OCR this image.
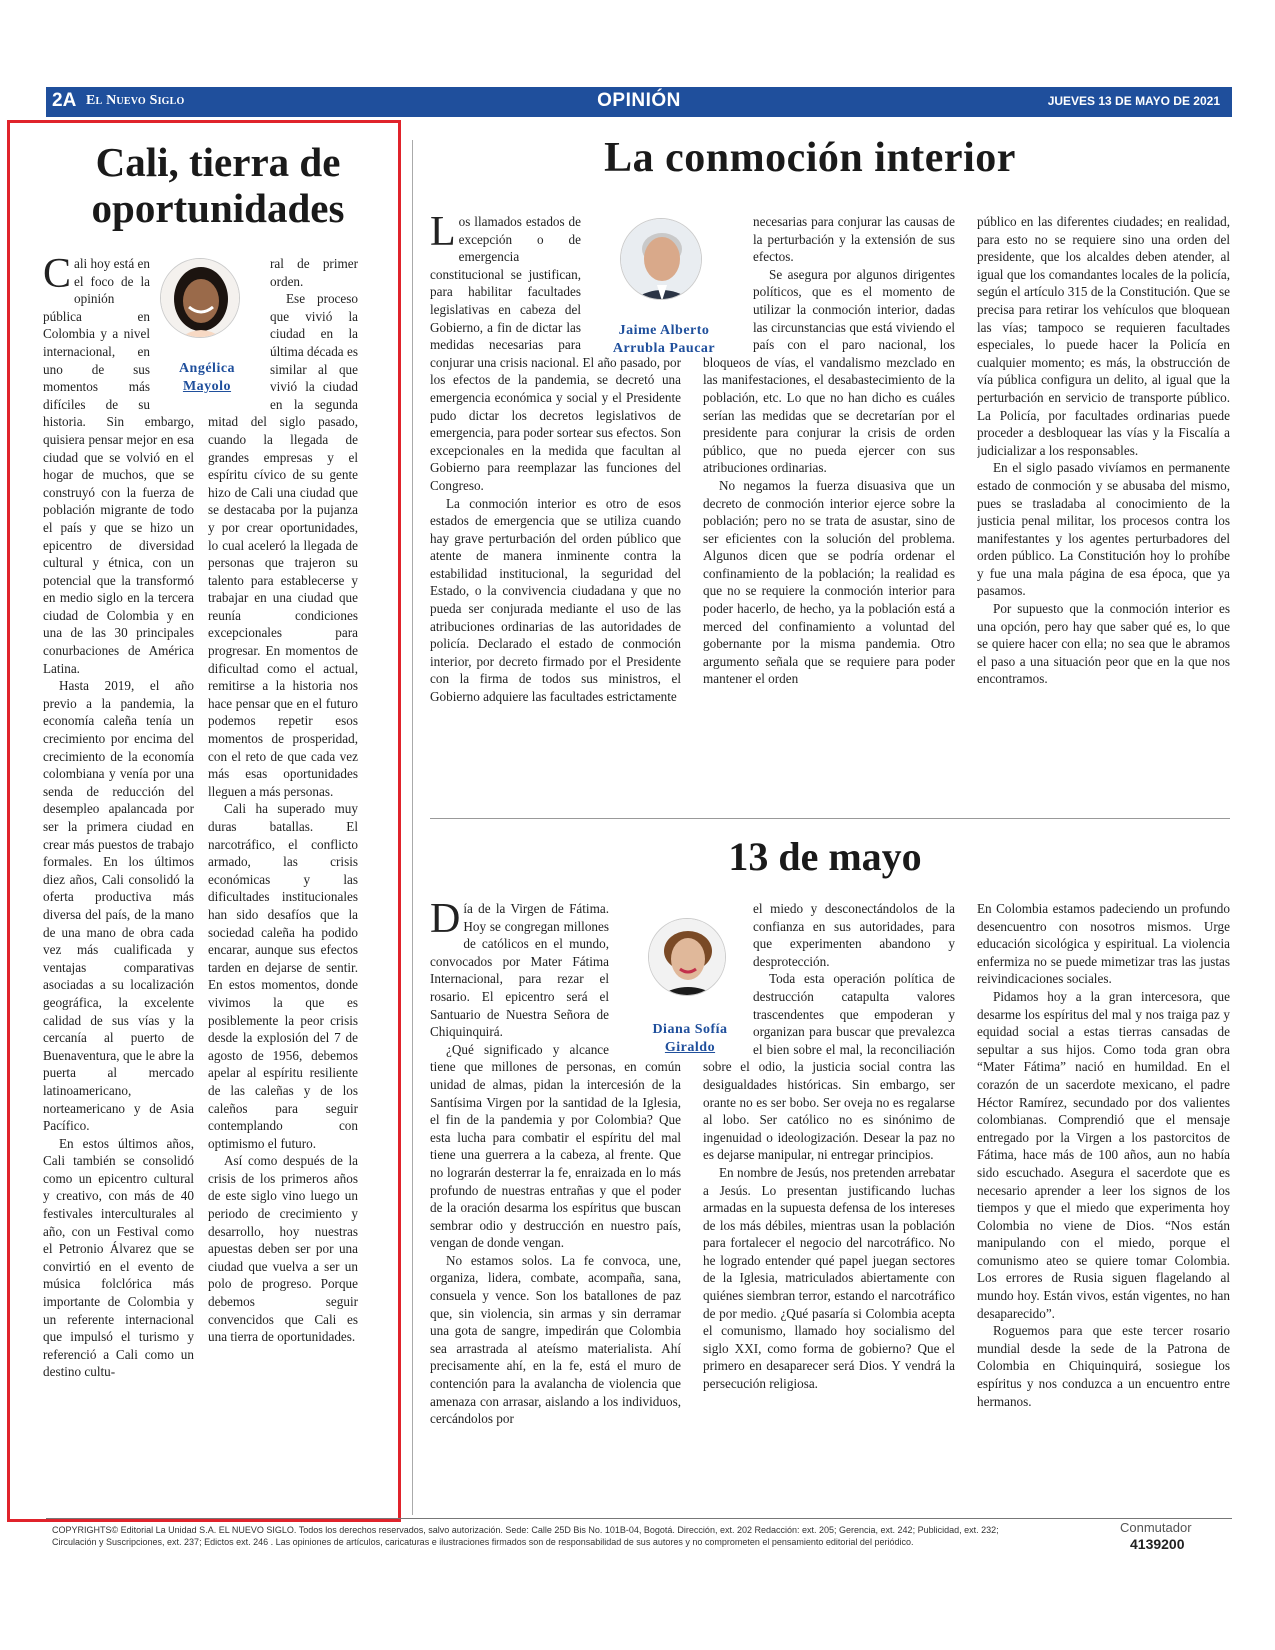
2A El Nuevo Siglo	OPINIÓN	JUEVES 13 DE MAYO DE 2021
Cali, tierra de oportunidades
Angélica
Mayolo

Cali hoy está en el foco de la opinión pública en Colombia y a nivel internacional, en uno de sus momentos más difíciles de su historia. Sin embargo, quisiera pensar mejor en esa ciudad que se volvió en el hogar de muchos, que se construyó con la fuerza de población migrante de todo el país y que se hizo un epicentro de diversidad cultural y étnica, con un potencial que la transformó en medio siglo en la tercera ciudad de Colombia y en una de las 30 principales conurbaciones de América Latina.

Hasta 2019, el año previo a la pandemia, la economía caleña tenía un crecimiento por encima del crecimiento de la economía colombiana y venía por una senda de reducción del desempleo apalancada por ser la primera ciudad en crear más puestos de trabajo formales. En los últimos diez años, Cali consolidó la oferta productiva más diversa del país, de la mano de una mano de obra cada vez más cualificada y ventajas comparativas asociadas a su localización geográfica, la excelente calidad de sus vías y la cercanía al puerto de Buenaventura, que le abre la puerta al mercado latinoamericano, norteamericano y de Asia Pacífico.

En estos últimos años, Cali también se consolidó como un epicentro cultural y creativo, con más de 40 festivales interculturales al año, con un Festival como el Petronio Álvarez que se convirtió en el evento de música folclórica más importante de Colombia y un referente internacional que impulsó el turismo y referenció a Cali como un destino cultu-

ral de primer orden.

Ese proceso que vivió la ciudad en la última década es similar al que vivió la ciudad en la segunda mitad del siglo pasado, cuando la llegada de grandes empresas y el espíritu cívico de su gente hizo de Cali una ciudad que se destacaba por la pujanza y por crear oportunidades, lo cual aceleró la llegada de personas que trajeron su talento para establecerse y trabajar en una ciudad que reunía condiciones excepcionales para progresar. En momentos de dificultad como el actual, remitirse a la historia nos hace pensar que en el futuro podemos repetir esos momentos de prosperidad, con el reto de que cada vez más esas oportunidades lleguen a más personas.

Cali ha superado muy duras batallas. El narcotráfico, el conflicto armado, las crisis económicas y las dificultades institucionales han sido desafíos que la sociedad caleña ha podido encarar, aunque sus efectos tarden en dejarse de sentir. En estos momentos, donde vivimos la que es posiblemente la peor crisis desde la explosión del 7 de agosto de 1956, debemos apelar al espíritu resiliente de las caleñas y de los caleños para seguir contemplando con optimismo el futuro.

Así como después de la crisis de los primeros años de este siglo vino luego un periodo de crecimiento y desarrollo, hoy nuestras apuestas deben ser por una ciudad que vuelva a ser un polo de progreso. Porque debemos seguir convencidos que Cali es una tierra de oportunidades.

La conmoción interior
Jaime Alberto
Arrubla Paucar

Los llamados estados de excepción o de emergencia constitucional se justifican, para habilitar facultades legislativas en cabeza del Gobierno, a fin de dictar las medidas necesarias para conjurar una crisis nacional. El año pasado, por los efectos de la pandemia, se decretó una emergencia económica y social y el Presidente pudo dictar los decretos legislativos de emergencia, para poder sortear sus efectos. Son excepcionales en la medida que facultan al Gobierno para reemplazar las funciones del Congreso.

La conmoción interior es otro de esos estados de emergencia que se utiliza cuando hay grave perturbación del orden público que atente de manera inminente contra la estabilidad institucional, la seguridad del Estado, o la convivencia ciudadana y que no pueda ser conjurada mediante el uso de las atribuciones ordinarias de las autoridades de policía. Declarado el estado de conmoción interior, por decreto firmado por el Presidente con la firma de todos sus ministros, el Gobierno adquiere las facultades estrictamente

necesarias para conjurar las causas de la perturbación y la extensión de sus efectos.

Se asegura por algunos dirigentes políticos, que es el momento de utilizar la conmoción interior, dadas las circunstancias que está viviendo el país con el paro nacional, los bloqueos de vías, el vandalismo mezclado en las manifestaciones, el desabastecimiento de la población, etc. Lo que no han dicho es cuáles serían las medidas que se decretarían por el presidente para conjurar la crisis de orden público, que no pueda ejercer con sus atribuciones ordinarias.

No negamos la fuerza disuasiva que un decreto de conmoción interior ejerce sobre la población; pero no se trata de asustar, sino de ser eficientes con la solución del problema. Algunos dicen que se podría ordenar el confinamiento de la población; la realidad es que no se requiere la conmoción interior para poder hacerlo, de hecho, ya la población está a merced del confinamiento a voluntad del gobernante por la misma pandemia. Otro argumento señala que se requiere para poder mantener el orden

público en las diferentes ciudades; en realidad, para esto no se requiere sino una orden del presidente, que los alcaldes deben atender, al igual que los comandantes locales de la policía, según el artículo 315 de la Constitución. Que se precisa para retirar los vehículos que bloquean las vías; tampoco se requieren facultades especiales, lo puede hacer la Policía en cualquier momento; es más, la obstrucción de vía pública configura un delito, al igual que la perturbación en servicio de transporte público. La Policía, por facultades ordinarias puede proceder a desbloquear las vías y la Fiscalía a judicializar a los responsables.

En el siglo pasado vivíamos en permanente estado de conmoción y se abusaba del mismo, pues se trasladaba al conocimiento de la justicia penal militar, los procesos contra los manifestantes y los agentes perturbadores del orden público. La Constitución hoy lo prohíbe y fue una mala página de esa época, que ya pasamos.

Por supuesto que la conmoción interior es una opción, pero hay que saber qué es, lo que se quiere hacer con ella; no sea que le abramos el paso a una situación peor que en la que nos encontramos.

13 de mayo
Diana Sofía
Giraldo

Día de la Virgen de Fátima. Hoy se congregan millones de católicos en el mundo, convocados por Mater Fátima Internacional, para rezar el rosario. El epicentro será el Santuario de Nuestra Señora de Chiquinquirá.

¿Qué significado y alcance tiene que millones de personas, en común unidad de almas, pidan la intercesión de la Santísima Virgen por la santidad de la Iglesia, el fin de la pandemia y por Colombia? Que esta lucha para combatir el espíritu del mal tiene una guerrera a la cabeza, al frente. Que no lograrán desterrar la fe, enraizada en lo más profundo de nuestras entrañas y que el poder de la oración desarma los espíritus que buscan sembrar odio y destrucción en nuestro país, vengan de donde vengan.

No estamos solos. La fe convoca, une, organiza, lidera, combate, acompaña, sana, consuela y vence. Son los batallones de paz que, sin violencia, sin armas y sin derramar una gota de sangre, impedirán que Colombia sea arrastrada al ateísmo materialista. Ahí precisamente ahí, en la fe, está el muro de contención para la avalancha de violencia que amenaza con arrasar, aislando a los individuos, cercándolos por

el miedo y desconectándolos de la confianza en sus autoridades, para que experimenten abandono y desprotección.

Toda esta operación política de destrucción catapulta valores trascendentes que empoderan y organizan para buscar que prevalezca el bien sobre el mal, la reconciliación sobre el odio, la justicia social contra las desigualdades históricas. Sin embargo, ser orante no es ser bobo. Ser oveja no es regalarse al lobo. Ser católico no es sinónimo de ingenuidad o ideologización. Desear la paz no es dejarse manipular, ni entregar principios.

En nombre de Jesús, nos pretenden arrebatar a Jesús. Lo presentan justificando luchas armadas en la supuesta defensa de los intereses de los más débiles, mientras usan la población para fortalecer el negocio del narcotráfico. No he logrado entender qué papel juegan sectores de la Iglesia, matriculados abiertamente con quiénes siembran terror, estando el narcotráfico de por medio. ¿Qué pasaría si Colombia acepta el comunismo, llamado hoy socialismo del siglo XXI, como forma de gobierno? Que el primero en desaparecer será Dios. Y vendrá la persecución religiosa.

En Colombia estamos padeciendo un profundo desencuentro con nosotros mismos. Urge educación sicológica y espiritual. La violencia enfermiza no se puede mimetizar tras las justas reivindicaciones sociales.

Pidamos hoy a la gran intercesora, que desarme los espíritus del mal y nos traiga paz y equidad social a estas tierras cansadas de sepultar a sus hijos. Como toda gran obra “Mater Fátima” nació en humildad. En el corazón de un sacerdote mexicano, el padre Héctor Ramírez, secundado por dos valientes colombianas. Comprendió que el mensaje entregado por la Virgen a los pastorcitos de Fátima, hace más de 100 años, aun no había sido escuchado. Asegura el sacerdote que es necesario aprender a leer los signos de los tiempos y que el miedo que experimenta hoy Colombia no viene de Dios. “Nos están manipulando con el miedo, porque el comunismo ateo se quiere tomar Colombia. Los errores de Rusia siguen flagelando al mundo hoy. Están vivos, están vigentes, no han desaparecido”.

Roguemos para que este tercer rosario mundial desde la sede de la Patrona de Colombia en Chiquinquirá, sosiegue los espíritus y nos conduzca a un encuentro entre hermanos.

COPYRIGHTS© Editorial La Unidad S.A. EL NUEVO SIGLO. Todos los derechos reservados, salvo autorización. Sede: Calle 25D Bis No. 101B-04, Bogotá. Dirección, ext. 202 Redacción: ext. 205; Gerencia, ext. 242; Publicidad, ext. 232;
Circulación y Suscripciones, ext. 237; Edictos ext. 246 . Las opiniones de artículos, caricaturas e ilustraciones firmados son de responsabilidad de sus autores y no comprometen el pensamiento editorial del periódico.
Conmutador
4139200
